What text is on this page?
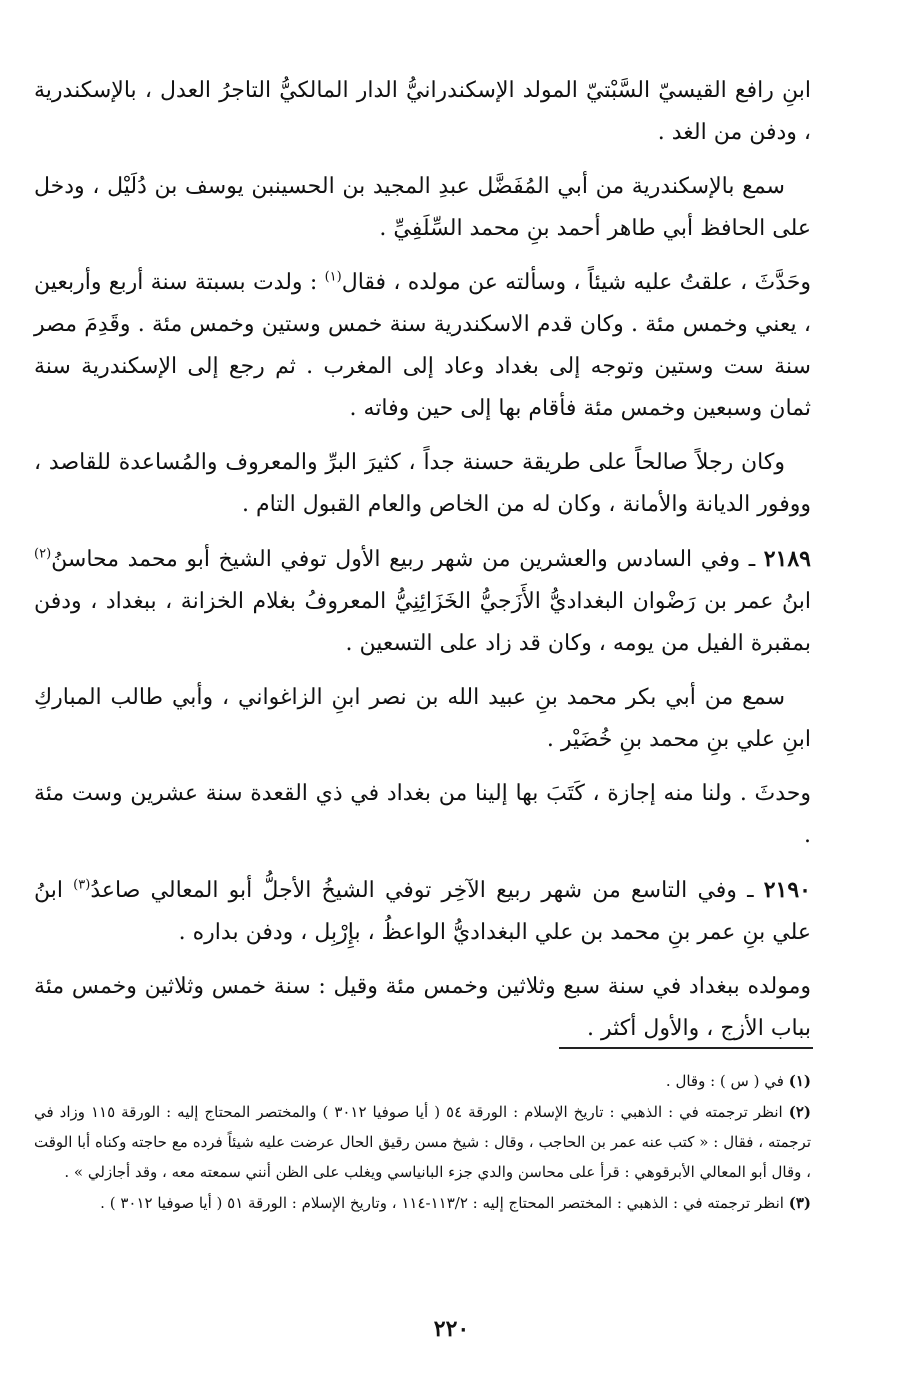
ابنِ رافع القيسيّ السَّبْتيّ المولد الإسكندرانيُّ الدار المالكيُّ التاجرُ العدل ، بالإسكندرية ، ودفن من الغد .

سمع بالإسكندرية من أبي المُفَضَّل عبدِ المجيد بن الحسينبن يوسف بن دُلَيْل ، ودخل على الحافظ أبي طاهر أحمد بنِ محمد السِّلَفِيِّ .

وحَدَّثَ ، علقتُ عليه شيئاً ، وسألته عن مولده ، فقال$^{(١)}$ : ولدت بسبتة سنة أربع وأربعين ، يعني وخمس مئة . وكان قدم الاسكندرية سنة خمس وستين وخمس مئة . وقَدِمَ مصر سنة ست وستين وتوجه إلى بغداد وعاد إلى المغرب . ثم رجع إلى الإسكندرية سنة ثمان وسبعين وخمس مئة فأقام بها إلى حين وفاته .

وكان رجلاً صالحاً على طريقة حسنة جداً ، كثيرَ البرِّ والمعروف والمُساعدة للقاصد ، ووفور الديانة والأمانة ، وكان له من الخاص والعام القبول التام .

٢١٨٩ ـ وفي السادس والعشرين من شهر ربيع الأول توفي الشيخ أبو محمد محاسنُ$^{(٢)}$ ابنُ عمر بن رَضْوان البغداديُّ الأَزَجيُّ الخَزَائِنِيُّ المعروفُ بغلام الخزانة ، ببغداد ، ودفن بمقبرة الفيل من يومه ، وكان قد زاد على التسعين .

سمع من أبي بكر محمد بنِ عبيد الله بن نصر ابنِ الزاغواني ، وأبي طالب المباركِ ابنِ علي بنِ محمد بنِ خُضَيْر .

وحدثَ . ولنا منه إجازة ، كَتَبَ بها إلينا من بغداد في ذي القعدة سنة عشرين وست مئة .

٢١٩٠ ـ وفي التاسع من شهر ربيع الآخِر توفي الشيخُ الأجلُّ أبو المعالي صاعدُ$^{(٣)}$ ابنُ علي بنِ عمر بنِ محمد بن علي البغداديُّ الواعظُ ، بإِرْبِل ، ودفن بداره .

ومولده ببغداد في سنة سبع وثلاثين وخمس مئة وقيل : سنة خمس وثلاثين وخمس مئة بباب الأزج ، والأول أكثر .

(١) في ( س ) : وقال .

(٢) انظر ترجمته في : الذهبي : تاريخ الإسلام : الورقة ٥٤ ( أيا صوفيا ٣٠١٢ ) والمختصر المحتاج إليه : الورقة ١١٥ وزاد في ترجمته ، فقال : « كتب عنه عمر بن الحاجب ، وقال : شيخ مسن رقيق الحال عرضت عليه شيئاً فرده مع حاجته وكناه أبا الوقت ، وقال أبو المعالي الأبرقوهي : قرأ على محاسن والدي جزء البانياسي ويغلب على الظن أنني سمعته معه ، وقد أجازلي » .

(٣) انظر ترجمته في : الذهبي : المختصر المحتاج إليه : ١١٣/٢-١١٤ ، وتاريخ الإسلام : الورقة ٥١ ( أيا صوفيا ٣٠١٢ ) .

٢٢٠
